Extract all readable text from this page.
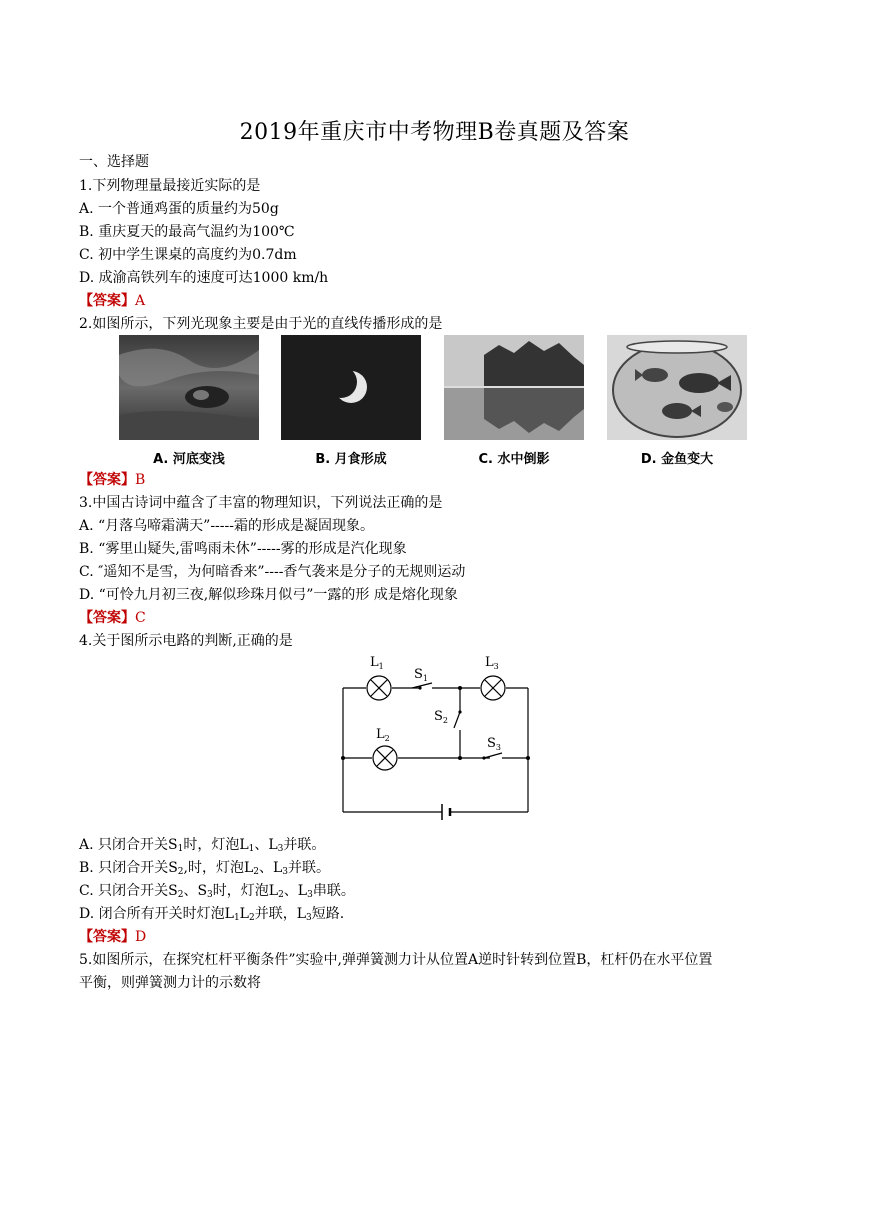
2019年重庆市中考物理B卷真题及答案
一、选择题
1.下列物理量最接近实际的是
A. 一个普通鸡蛋的质量约为50g
B. 重庆夏天的最高气温约为100℃
C. 初中学生课桌的高度约为0.7dm
D. 成渝高铁列车的速度可达1000 km/h
【答案】A
2.如图所示，下列光现象主要是由于光的直线传播形成的是
A. 河底变浅	B. 月食形成	C. 水中倒影	D. 金鱼变大
【答案】B
3.中国古诗词中蕴含了丰富的物理知识，下列说法正确的是
A. “月落乌啼霜满天”-----霜的形成是凝固现象。
B. “雾里山疑失,雷鸣雨未休”-----雾的形成是汽化现象
C. ″遥知不是雪，为何暗香来”----香气袭来是分子的无规则运动
D. “可怜九月初三夜,解似珍珠月似弓”一露的形 成是熔化现象
【答案】C
4.关于图所示电路的判断,正确的是
$L_1$
$S_1$
$L_3$
$S_2$
$L_2$	$S_3$
A. 只闭合开关$S_1$时，灯泡$L_1$、$L_3$并联。
B. 只闭合开关$S_2$,时，灯泡$L_2$、$L_3$并联。
C. 只闭合开关$S_2$、$S_3$时，灯泡$L_2$、$L_3$串联。
D. 闭合所有开关时灯泡$L_1L_2$并联，$L_3$短路.
【答案】D
5.如图所示，在探究杠杆平衡条件”实验中,弹弹簧测力计从位置A逆时针转到位置B，杠杆仍在水平位置
平衡，则弹簧测力计的示数将
